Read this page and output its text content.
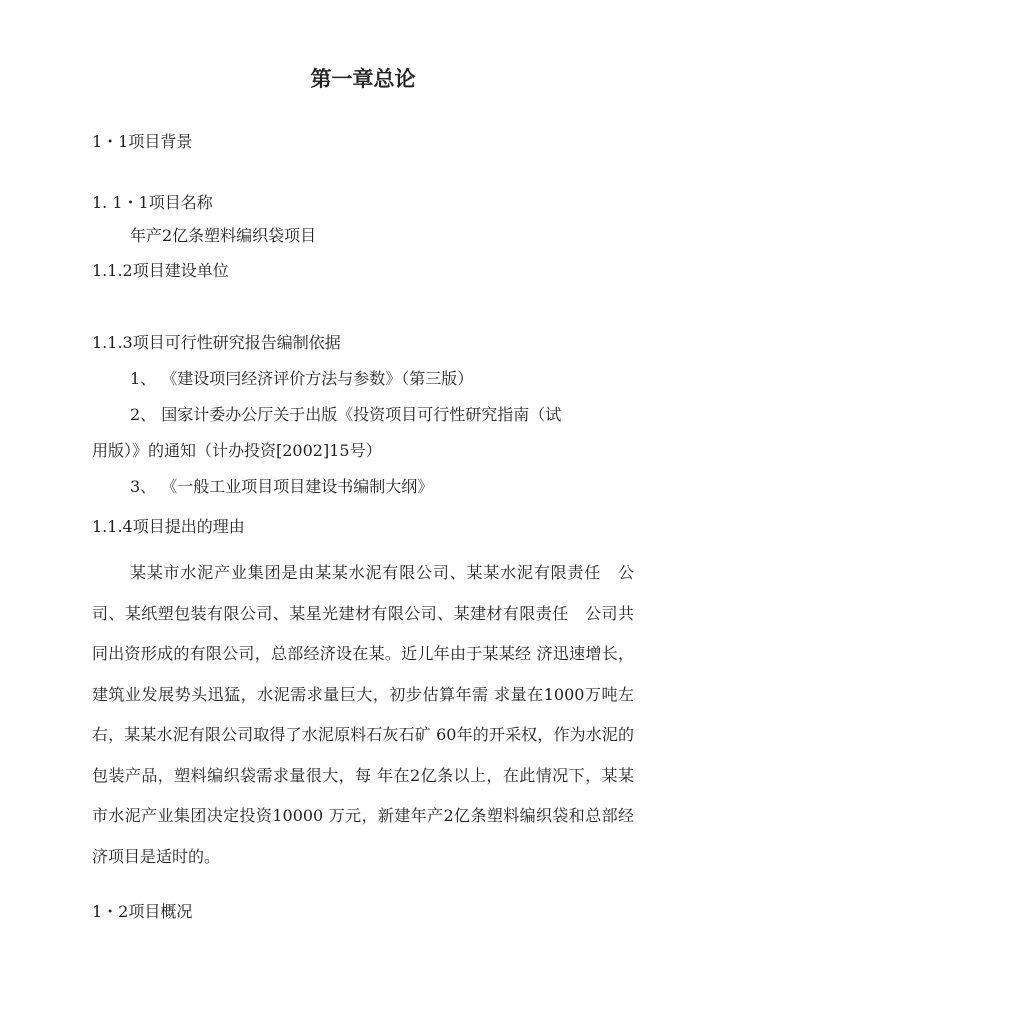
第一章总论
1・1项目背景
1. 1・1项目名称
年产2亿条塑料编织袋项目
1.1.2项目建设单位
1.1.3项目可行性研究报告编制依据
1、 《建设项冃经济评价方法与参数》（第三版）
2、 国家计委办公厅关于出版《投资项目可行性研究指南（试
用版）》的通知（计办投资[2002]15号）
3、 《一般工业项目项目建设书编制大纲》
1.1.4项目提出的理由
某某市水泥产业集团是由某某水泥有限公司、某某水泥有限责任　公司、某纸塑包装有限公司、某星光建材有限公司、某建材有限责任　公司共同出资形成的有限公司，总部经济设在某。近儿年由于某某经 济迅速增长，建筑业发展势头迅猛，水泥需求量巨大，初步估算年需 求量在1000万吨左右，某某水泥有限公司取得了水泥原料石灰石矿 60年的开采权，作为水泥的包装产品，塑料编织袋需求量很大，每 年在2亿条以上，在此情况下，某某市水泥产业集团决定投资10000 万元，新建年产2亿条塑料编织袋和总部经济项目是适时的。
1・2项目概况
